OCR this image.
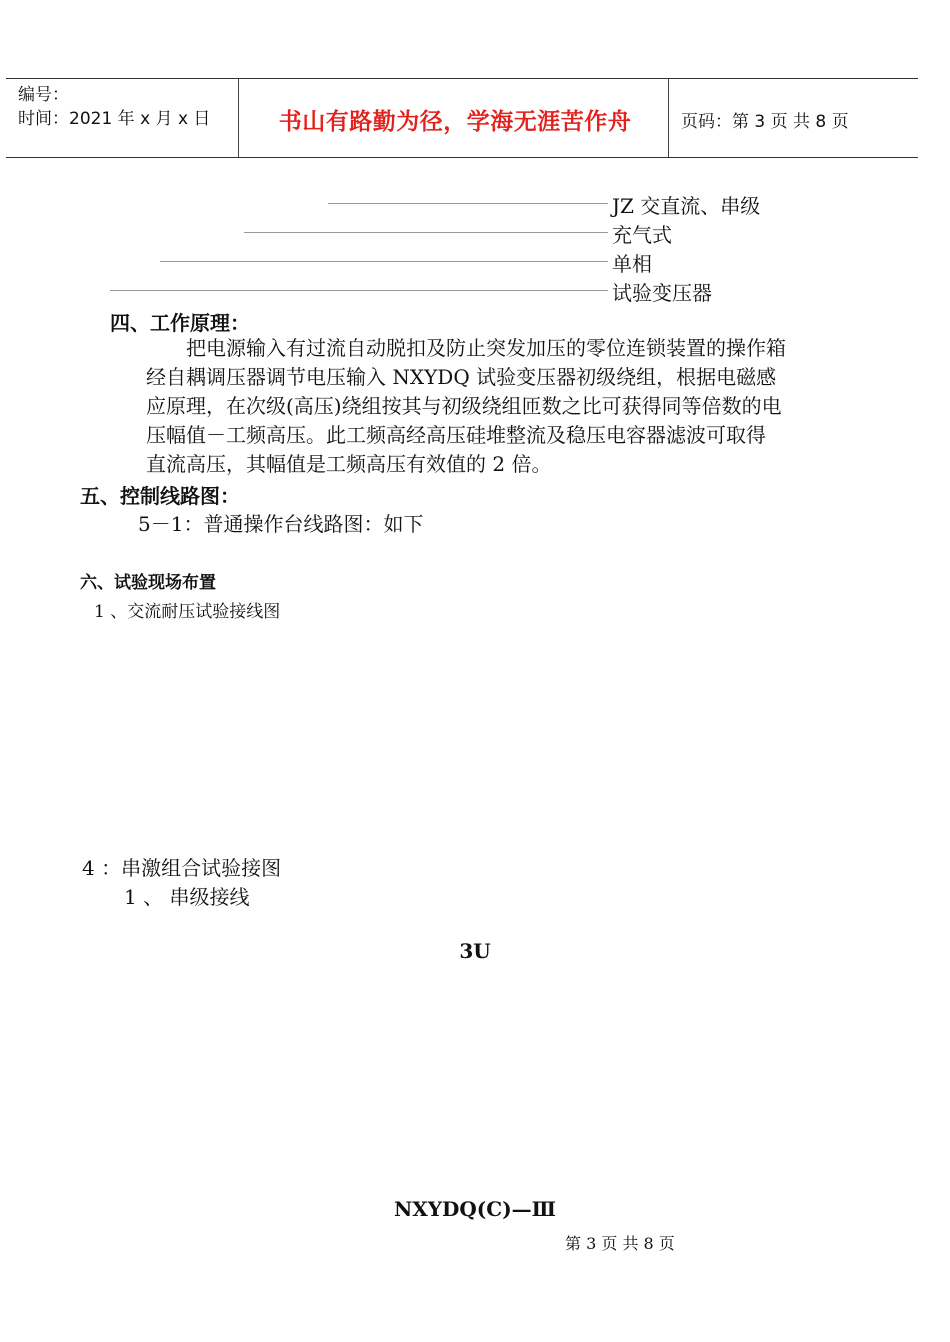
编号：
时间：2021 年 x 月 x 日	书山有路勤为径，学海无涯苦作舟	页码：第 3 页 共 8 页
JZ 交直流、串级
充气式
单相
试验变压器
四、工作原理：
把电源输入有过流自动脱扣及防止突发加压的零位连锁装置的操作箱
经自耦调压器调节电压输入 NXYDQ 试验变压器初级绕组，根据电磁感
应原理，在次级(高压)绕组按其与初级绕组匝数之比可获得同等倍数的电
压幅值－工频高压。此工频高经高压硅堆整流及稳压电容器滤波可取得
直流高压，其幅值是工频高压有效值的 2 倍。
五、控制线路图：
5－1：普通操作台线路图：如下
六、试验现场布置
1 、交流耐压试验接线图
4 ：串激组合试验接图
1 、 串级接线
3U
NXYDQ(C)—Ⅲ
第 3 页 共 8 页
